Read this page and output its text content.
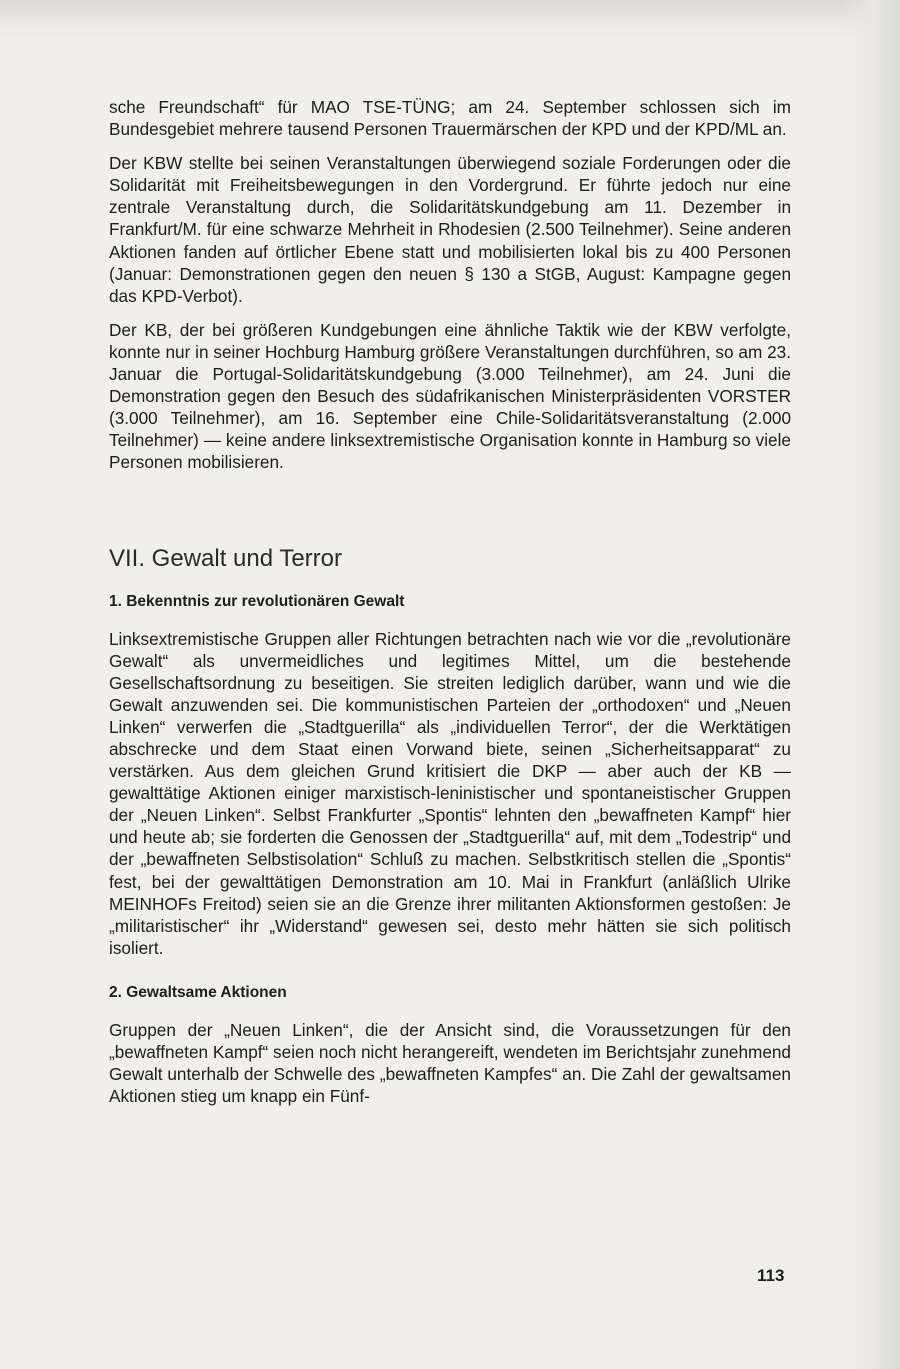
sche Freundschaft“ für MAO TSE-TÜNG; am 24. September schlossen sich im Bundesgebiet mehrere tausend Personen Trauermärschen der KPD und der KPD/ML an.

Der KBW stellte bei seinen Veranstaltungen überwiegend soziale Forderungen oder die Solidarität mit Freiheitsbewegungen in den Vordergrund. Er führte jedoch nur eine zentrale Veranstaltung durch, die Solidaritätskundgebung am 11. Dezember in Frankfurt/M. für eine schwarze Mehrheit in Rhodesien (2.500 Teilnehmer). Seine anderen Aktionen fanden auf örtlicher Ebene statt und mobilisierten lokal bis zu 400 Personen (Januar: Demonstrationen gegen den neuen § 130 a StGB, August: Kampagne gegen das KPD-Verbot).

Der KB, der bei größeren Kundgebungen eine ähnliche Taktik wie der KBW verfolgte, konnte nur in seiner Hochburg Hamburg größere Veranstaltungen durchführen, so am 23. Januar die Portugal-Solidaritätskundgebung (3.000 Teilnehmer), am 24. Juni die Demonstration gegen den Besuch des südafrikanischen Ministerpräsidenten VORSTER (3.000 Teilnehmer), am 16. September eine Chile-Solidaritätsveranstaltung (2.000 Teilnehmer) — keine andere linksextremistische Organisation konnte in Hamburg so viele Personen mobilisieren.

VII. Gewalt und Terror
1. Bekenntnis zur revolutionären Gewalt

Linksextremistische Gruppen aller Richtungen betrachten nach wie vor die „revolutionäre Gewalt“ als unvermeidliches und legitimes Mittel, um die bestehende Gesellschaftsordnung zu beseitigen. Sie streiten lediglich darüber, wann und wie die Gewalt anzuwenden sei. Die kommunistischen Parteien der „orthodoxen“ und „Neuen Linken“ verwerfen die „Stadtguerilla“ als „individuellen Terror“, der die Werktätigen abschrecke und dem Staat einen Vorwand biete, seinen „Sicherheitsapparat“ zu verstärken. Aus dem gleichen Grund kritisiert die DKP — aber auch der KB — gewalttätige Aktionen einiger marxistisch-leninistischer und spontaneistischer Gruppen der „Neuen Linken“. Selbst Frankfurter „Spontis“ lehnten den „bewaffneten Kampf“ hier und heute ab; sie forderten die Genossen der „Stadtguerilla“ auf, mit dem „Todestrip“ und der „bewaffneten Selbstisolation“ Schluß zu machen. Selbstkritisch stellen die „Spontis“ fest, bei der gewalttätigen Demonstration am 10. Mai in Frankfurt (anläßlich Ulrike MEINHOFs Freitod) seien sie an die Grenze ihrer militanten Aktionsformen gestoßen: Je „militaristischer“ ihr „Widerstand“ gewesen sei, desto mehr hätten sie sich politisch isoliert.

2. Gewaltsame Aktionen

Gruppen der „Neuen Linken“, die der Ansicht sind, die Voraussetzungen für den „bewaffneten Kampf“ seien noch nicht herangereift, wendeten im Berichtsjahr zunehmend Gewalt unterhalb der Schwelle des „bewaffneten Kampfes“ an. Die Zahl der gewaltsamen Aktionen stieg um knapp ein Fünf-

113
